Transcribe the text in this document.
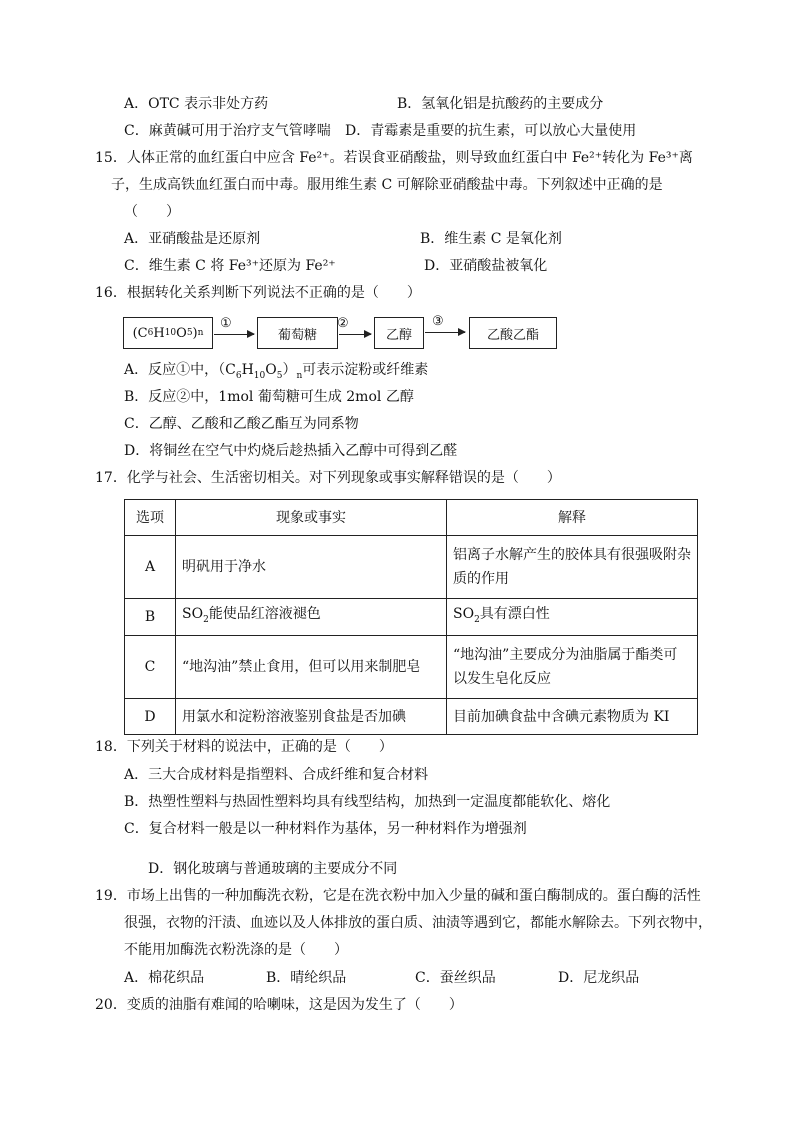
A．OTC 表示非处方药	B．氢氧化铝是抗酸药的主要成分
C．麻黄碱可用于治疗支气管哮喘 D．青霉素是重要的抗生素，可以放心大量使用
15．人体正常的血红蛋白中应含 Fe²⁺。若误食亚硝酸盐，则导致血红蛋白中 Fe²⁺转化为 Fe³⁺离
子，生成高铁血红蛋白而中毒。服用维生素 C 可解除亚硝酸盐中毒。下列叙述中正确的是
（　　）
A．亚硝酸盐是还原剂	B．维生素 C 是氧化剂
C．维生素 C 将 Fe³⁺还原为 Fe²⁺	D．亚硝酸盐被氧化
16．根据转化关系判断下列说法不正确的是（　　）
(C 6 H 10 O 5 ) n
①
葡萄糖
②
乙醇
③
乙酸乙酯
A．反应①中，$(C_6H_{10}O_5)_n$可表示淀粉或纤维素
B．反应②中，1mol 葡萄糖可生成 2mol 乙醇
C．乙醇、乙酸和乙酸乙酯互为同系物
D．将铜丝在空气中灼烧后趁热插入乙醇中可得到乙醛
17．化学与社会、生活密切相关。对下列现象或事实解释错误的是（　　）
选项	现象或事实	解释
A	明矾用于净水	铝离子水解产生的胶体具有很强吸附杂质的作用
B	$SO_2$能使品红溶液褪色	$SO_2$具有漂白性
C	“地沟油”禁止食用，但可以用来制肥皂	“地沟油”主要成分为油脂属于酯类可以发生皂化反应
D	用氯水和淀粉溶液鉴别食盐是否加碘	目前加碘食盐中含碘元素物质为 KI
18．下列关于材料的说法中，正确的是（　　）
A．三大合成材料是指塑料、合成纤维和复合材料
B．热塑性塑料与热固性塑料均具有线型结构，加热到一定温度都能软化、熔化
C．复合材料一般是以一种材料作为基体，另一种材料作为增强剂
D．钢化玻璃与普通玻璃的主要成分不同
19．市场上出售的一种加酶洗衣粉，它是在洗衣粉中加入少量的碱和蛋白酶制成的。蛋白酶的活性
很强，衣物的汗渍、血迹以及人体排放的蛋白质、油渍等遇到它，都能水解除去。下列衣物中，
不能用加酶洗衣粉洗涤的是（　　）
A．棉花织品	B．晴纶织品	C．蚕丝织品	D．尼龙织品
20．变质的油脂有难闻的哈喇味，这是因为发生了（　　）
